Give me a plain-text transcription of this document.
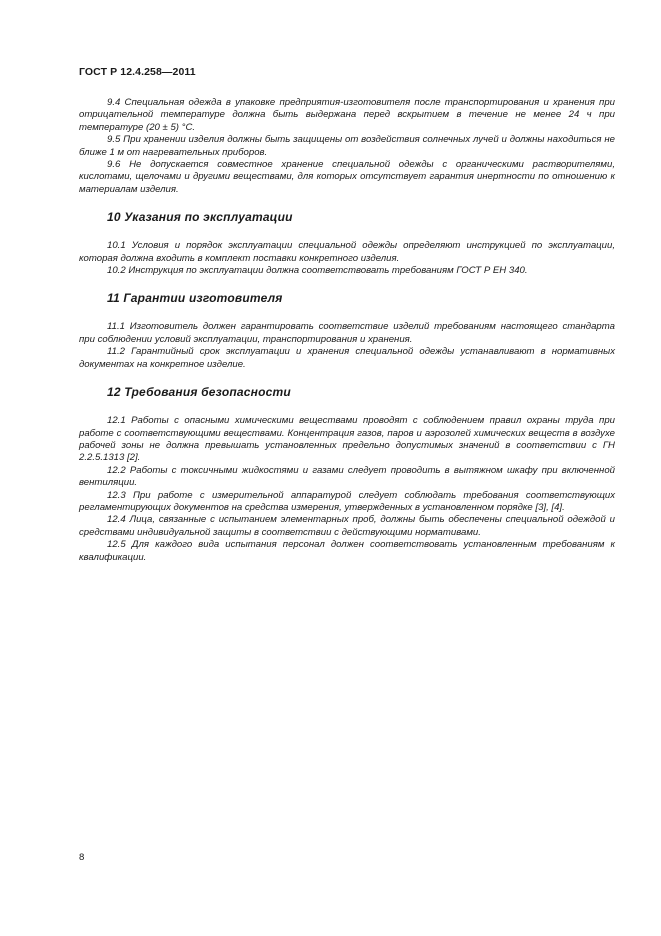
ГОСТ Р 12.4.258—2011

9.4 Специальная одежда в упаковке предприятия-изготовителя после транспортирования и хранения при отрицательной температуре должна быть выдержана перед вскрытием в течение не менее 24 ч при температуре (20 ± 5) °C.

9.5 При хранении изделия должны быть защищены от воздействия солнечных лучей и должны находиться не ближе 1 м от нагревательных приборов.

9.6 Не допускается совместное хранение специальной одежды с органическими растворителями, кислотами, щелочами и другими веществами, для которых отсутствует гарантия инертности по отношению к материалам изделия.

10 Указания по эксплуатации

10.1 Условия и порядок эксплуатации специальной одежды определяют инструкцией по эксплуатации, которая должна входить в комплект поставки конкретного изделия.

10.2 Инструкция по эксплуатации должна соответствовать требованиям ГОСТ Р ЕН 340.

11 Гарантии изготовителя

11.1 Изготовитель должен гарантировать соответствие изделий требованиям настоящего стандарта при соблюдении условий эксплуатации, транспортирования и хранения.

11.2 Гарантийный срок эксплуатации и хранения специальной одежды устанавливают в нормативных документах на конкретное изделие.

12 Требования безопасности

12.1 Работы с опасными химическими веществами проводят с соблюдением правил охраны труда при работе с соответствующими веществами. Концентрация газов, паров и аэрозолей химических веществ в воздухе рабочей зоны не должна превышать установленных предельно допустимых значений в соответствии с ГН 2.2.5.1313 [2].

12.2 Работы с токсичными жидкостями и газами следует проводить в вытяжном шкафу при включенной вентиляции.

12.3 При работе с измерительной аппаратурой следует соблюдать требования соответствующих регламентирующих документов на средства измерения, утвержденных в установленном порядке [3], [4].

12.4 Лица, связанные с испытанием элементарных проб, должны быть обеспечены специальной одеждой и средствами индивидуальной защиты в соответствии с действующими нормативами.

12.5 Для каждого вида испытания персонал должен соответствовать установленным требованиям к квалификации.

8
